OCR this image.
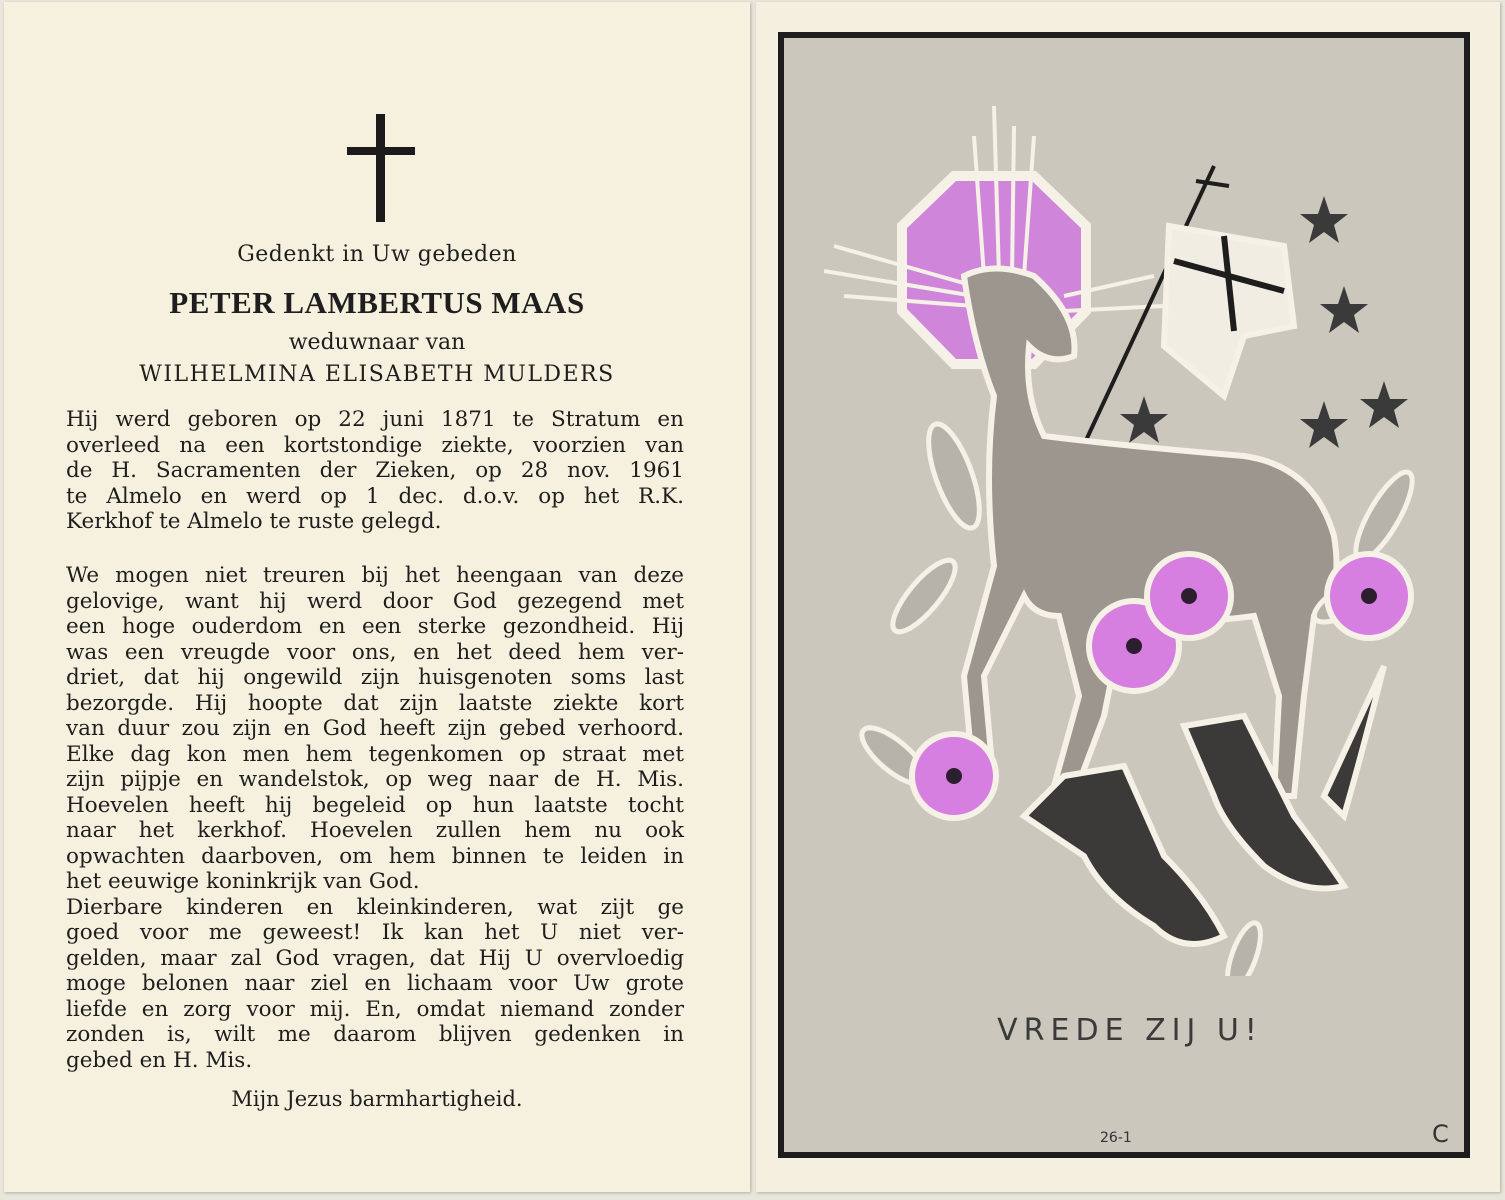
Gedenkt in Uw gebeden
PETER LAMBERTUS MAAS
weduwnaar van
WILHELMINA ELISABETH MULDERS
Hij werd geboren op 22 juni 1871 te Stratum en
overleed na een kortstondige ziekte, voorzien van
de H. Sacramenten der Zieken, op 28 nov. 1961
te Almelo en werd op 1 dec. d.o.v. op het R.K.
Kerkhof te Almelo te ruste gelegd.
We mogen niet treuren bij het heengaan van deze
gelovige, want hij werd door God gezegend met
een hoge ouderdom en een sterke gezondheid. Hij
was een vreugde voor ons, en het deed hem ver-
driet, dat hij ongewild zijn huisgenoten soms last
bezorgde. Hij hoopte dat zijn laatste ziekte kort
van duur zou zijn en God heeft zijn gebed verhoord.
Elke dag kon men hem tegenkomen op straat met
zijn pijpje en wandelstok, op weg naar de H. Mis.
Hoevelen heeft hij begeleid op hun laatste tocht
naar het kerkhof. Hoevelen zullen hem nu ook
opwachten daarboven, om hem binnen te leiden in
het eeuwige koninkrijk van God.
Dierbare kinderen en kleinkinderen, wat zijt ge
goed voor me geweest! Ik kan het U niet ver-
gelden, maar zal God vragen, dat Hij U overvloedig
moge belonen naar ziel en lichaam voor Uw grote
liefde en zorg voor mij. En, omdat niemand zonder
zonden is, wilt me daarom blijven gedenken in
gebed en H. Mis.
Mijn Jezus barmhartigheid.
VREDE ZIJ U!
26-1	C
